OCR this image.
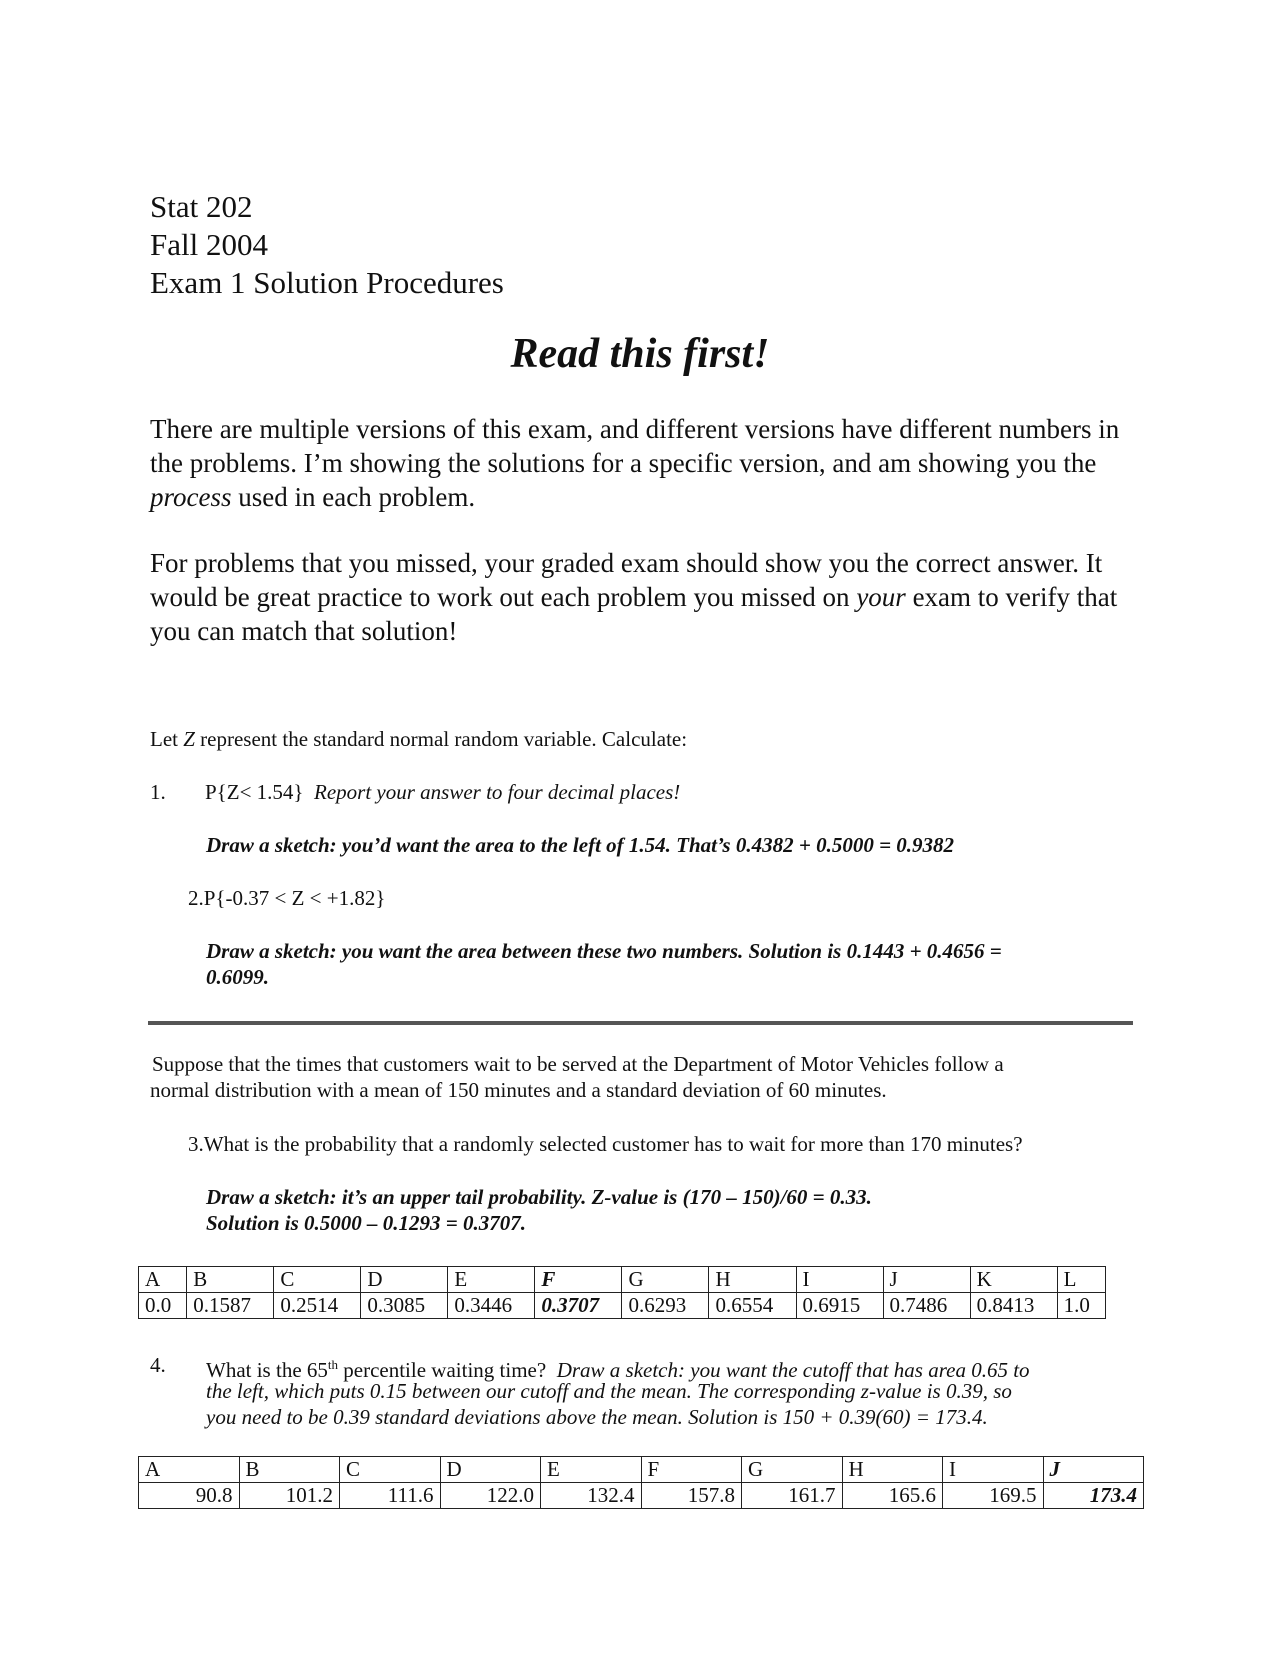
Stat 202
Fall 2004
Exam 1 Solution Procedures
Read this first!
There are multiple versions of this exam, and different versions have different numbers in the problems. I’m showing the solutions for a specific version, and am showing you the process used in each problem.
For problems that you missed, your graded exam should show you the correct answer. It would be great practice to work out each problem you missed on your exam to verify that you can match that solution!
Let Z represent the standard normal random variable. Calculate:
1. P{Z< 1.54} Report your answer to four decimal places!
Draw a sketch: you’d want the area to the left of 1.54. That’s 0.4382 + 0.5000 = 0.9382
2.P{-0.37 < Z < +1.82}
Draw a sketch: you want the area between these two numbers. Solution is 0.1443 + 0.4656 =
0.6099.
Suppose that the times that customers wait to be served at the Department of Motor Vehicles follow a
normal distribution with a mean of 150 minutes and a standard deviation of 60 minutes.
3.What is the probability that a randomly selected customer has to wait for more than 170 minutes?
Draw a sketch: it’s an upper tail probability. Z-value is (170 – 150)/60 = 0.33.
Solution is 0.5000 – 0.1293 = 0.3707.
A	B	C	D	E	F	G	H	I	J	K	L
0.0	0.1587	0.2514	0.3085	0.3446	0.3707	0.6293	0.6554	0.6915	0.7486	0.8413	1.0
4. What is the 65th percentile waiting time? Draw a sketch: you want the cutoff that has area 0.65 to
the left, which puts 0.15 between our cutoff and the mean. The corresponding z-value is 0.39, so
you need to be 0.39 standard deviations above the mean. Solution is 150 + 0.39(60) = 173.4.
A	B	C	D	E	F	G	H	I	J
90.8	101.2	111.6	122.0	132.4	157.8	161.7	165.6	169.5	173.4
